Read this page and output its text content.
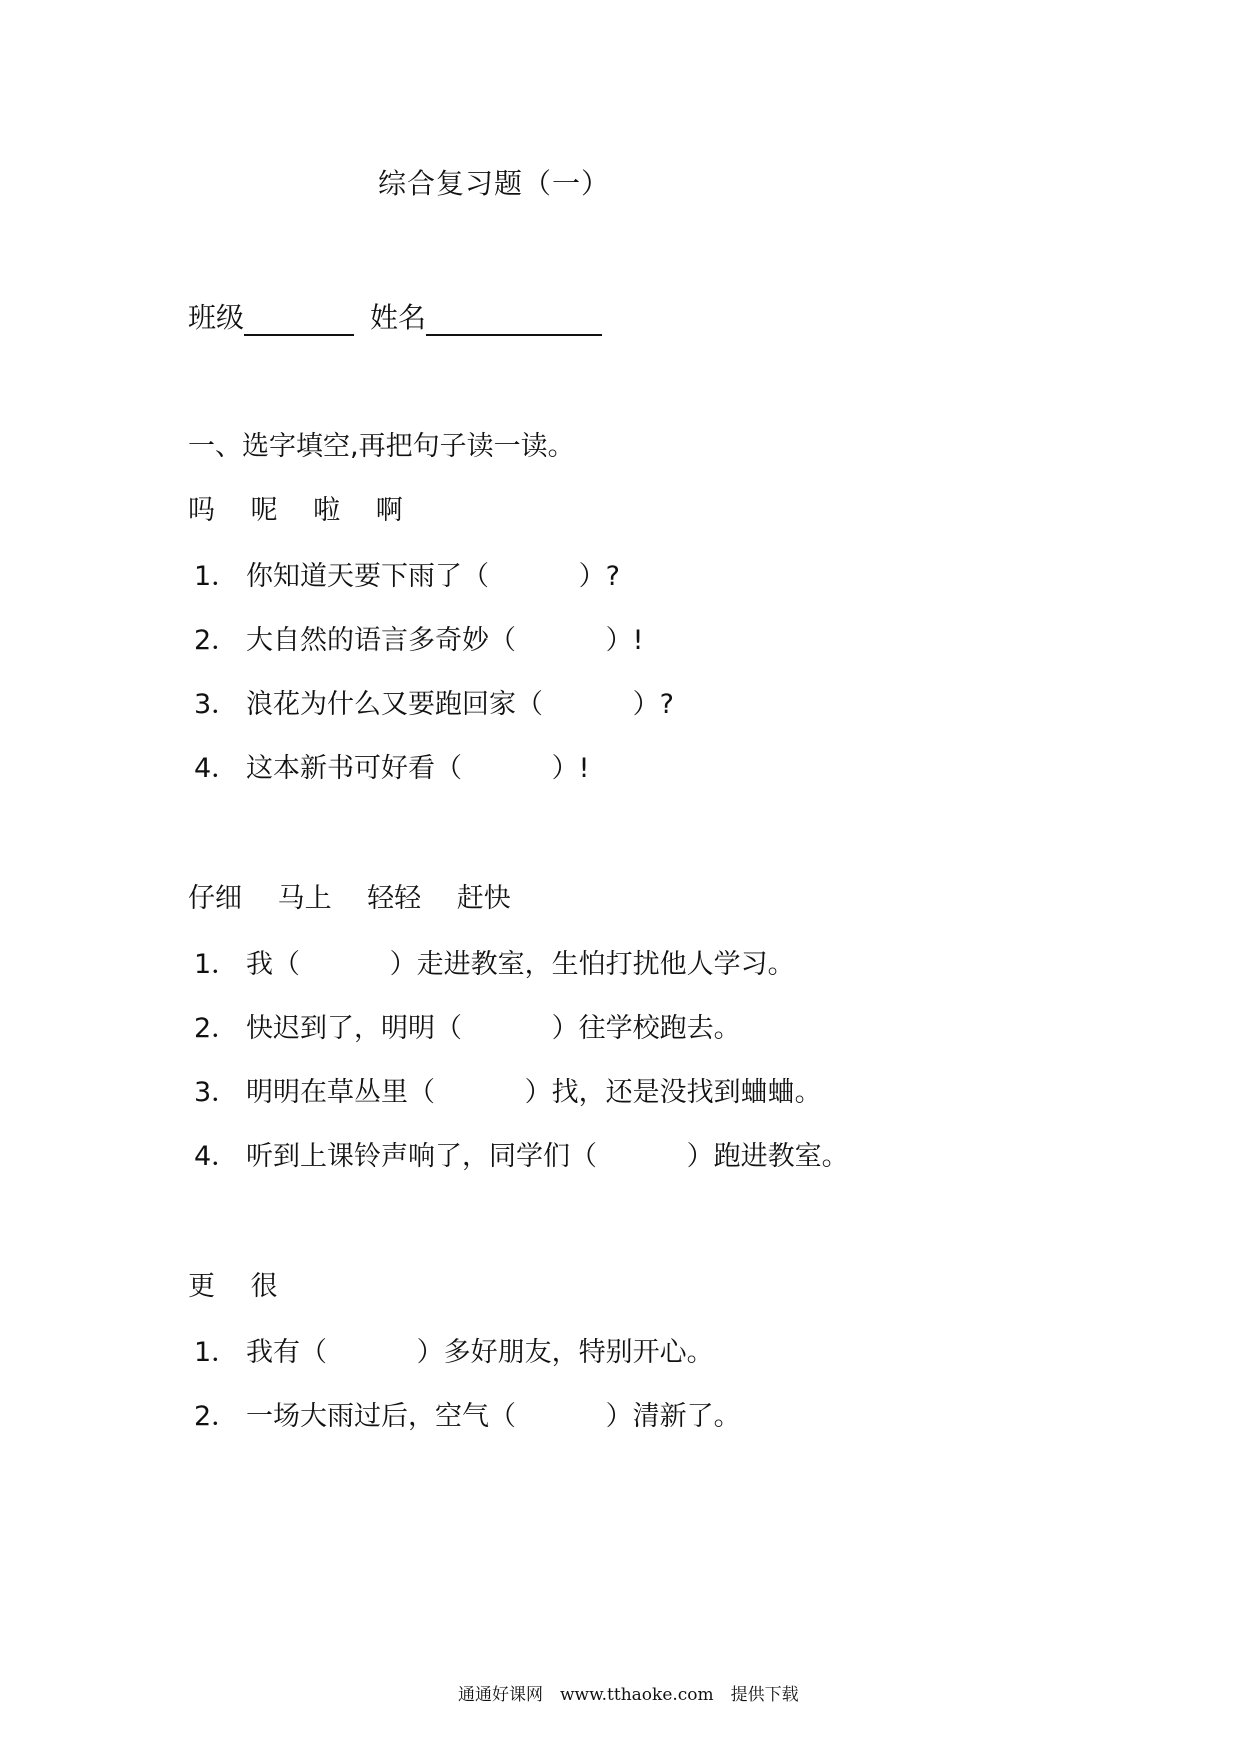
综合复习题（一）
班级	姓名
一、选字填空,再把句子读一读。
吗　 呢　 啦　 啊
1． 你知道天要下雨了（　　　 ）?
2． 大自然的语言多奇妙（　　　 ）!
3． 浪花为什么又要跑回家（　　　 ）?
4． 这本新书可好看（　　　 ）!
仔细　 马上　 轻轻　 赶快
1． 我（　　　 ）走进教室，生怕打扰他人学习。
2． 快迟到了，明明（　　　 ）往学校跑去。
3． 明明在草丛里（　　　 ）找，还是没找到蛐蛐。
4． 听到上课铃声响了，同学们（　　　 ）跑进教室。
更　 很
1． 我有（　　　 ）多好朋友，特别开心。
2． 一场大雨过后，空气（　　　 ）清新了。
通通好课网　www.tthaoke.com　提供下载
